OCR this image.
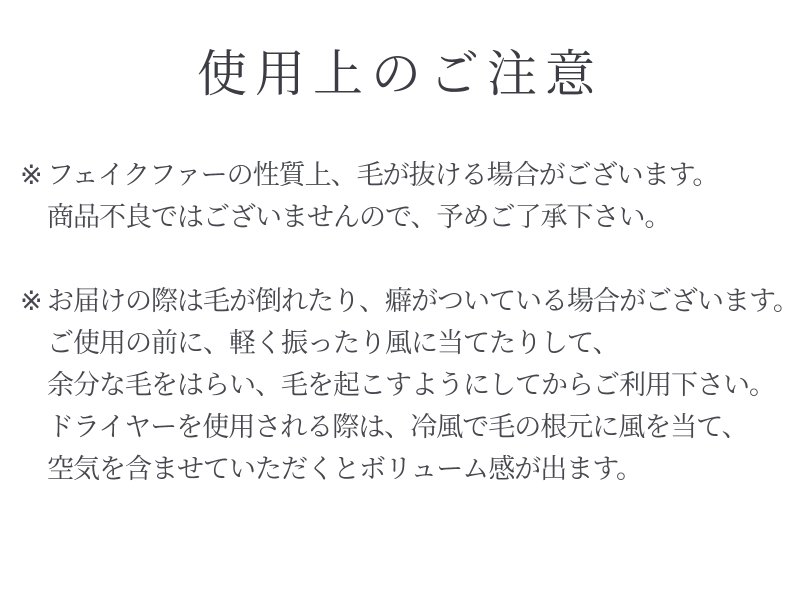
使用上のご注意
※ フェイクファーの性質上、毛が抜ける場合がございます。
商品不良ではございませんので、予めご了承下さい。
※ お届けの際は毛が倒れたり、癖がついている場合がございます。
ご使用の前に、軽く振ったり風に当てたりして、
余分な毛をはらい、毛を起こすようにしてからご利用下さい。
ドライヤーを使用される際は、冷風で毛の根元に風を当て、
空気を含ませていただくとボリューム感が出ます。
